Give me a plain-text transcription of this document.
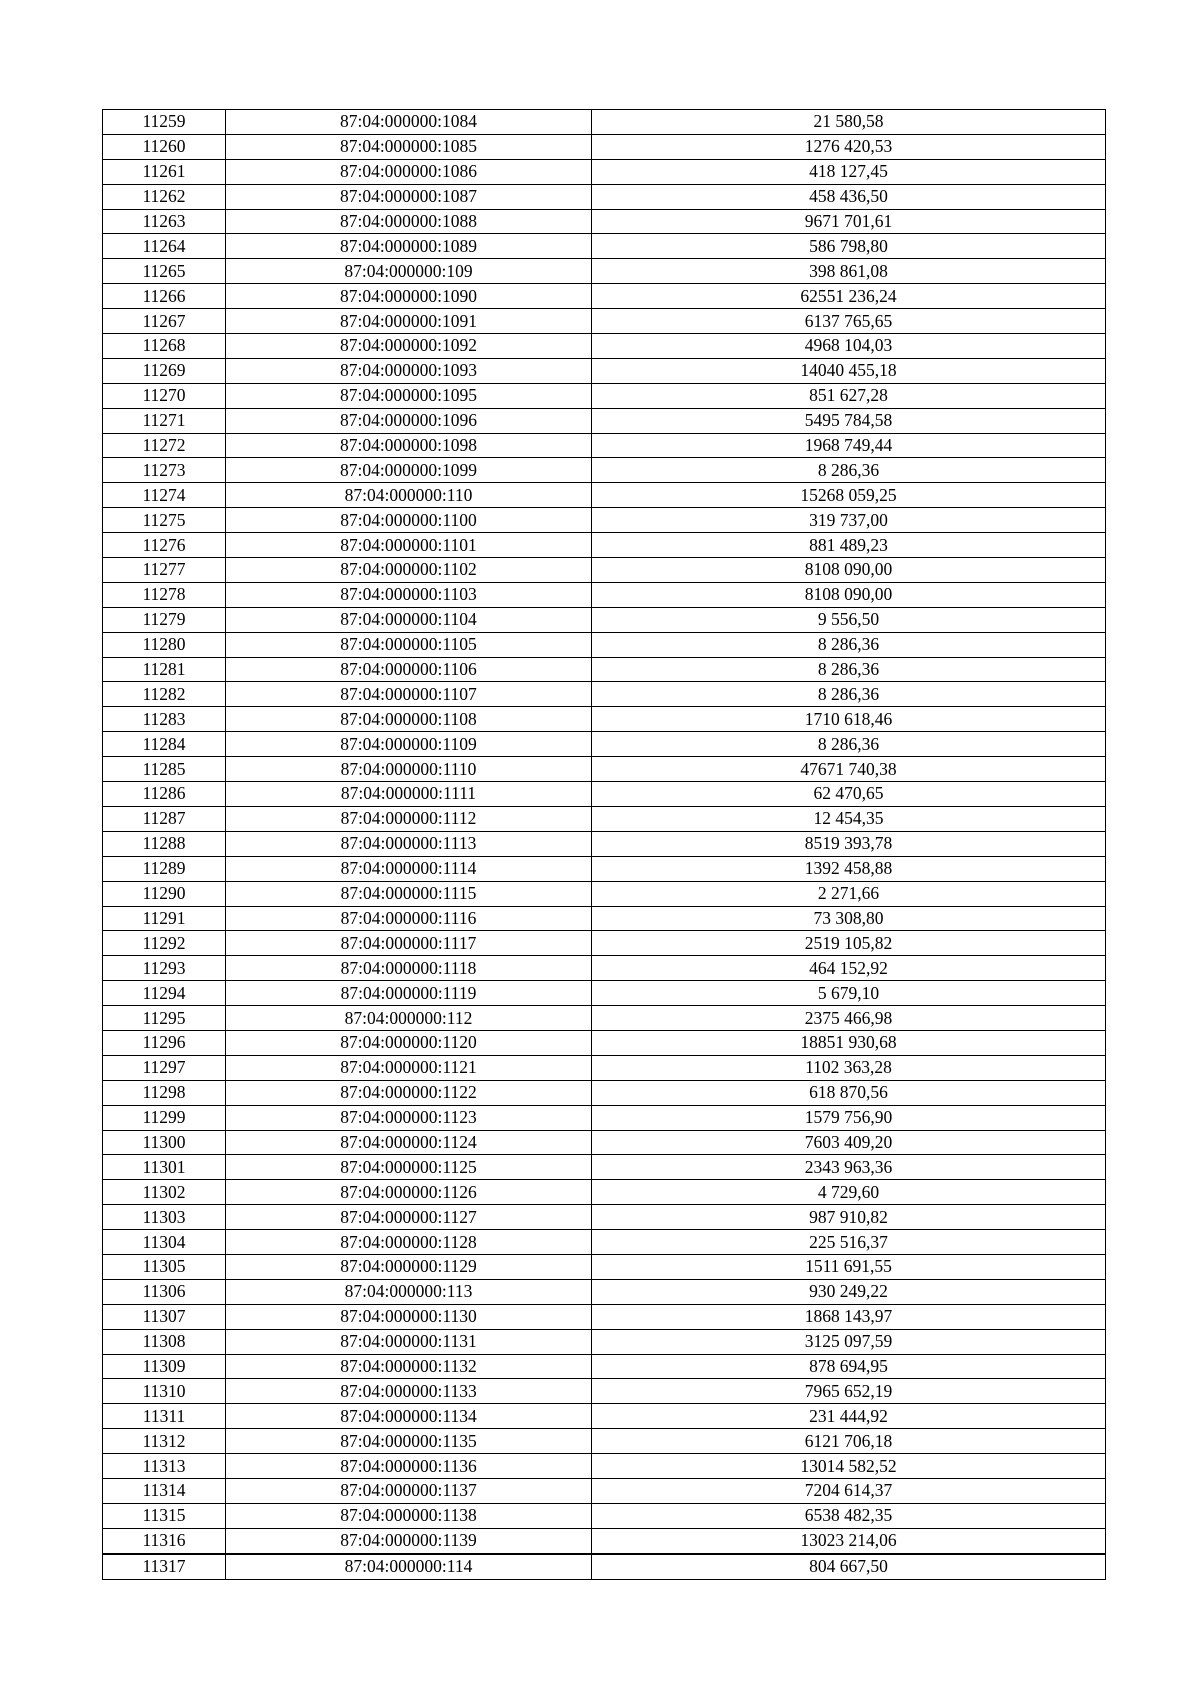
11259	87:04:000000:1084	21 580,58
11260	87:04:000000:1085	1276 420,53
11261	87:04:000000:1086	418 127,45
11262	87:04:000000:1087	458 436,50
11263	87:04:000000:1088	9671 701,61
11264	87:04:000000:1089	586 798,80
11265	87:04:000000:109	398 861,08
11266	87:04:000000:1090	62551 236,24
11267	87:04:000000:1091	6137 765,65
11268	87:04:000000:1092	4968 104,03
11269	87:04:000000:1093	14040 455,18
11270	87:04:000000:1095	851 627,28
11271	87:04:000000:1096	5495 784,58
11272	87:04:000000:1098	1968 749,44
11273	87:04:000000:1099	8 286,36
11274	87:04:000000:110	15268 059,25
11275	87:04:000000:1100	319 737,00
11276	87:04:000000:1101	881 489,23
11277	87:04:000000:1102	8108 090,00
11278	87:04:000000:1103	8108 090,00
11279	87:04:000000:1104	9 556,50
11280	87:04:000000:1105	8 286,36
11281	87:04:000000:1106	8 286,36
11282	87:04:000000:1107	8 286,36
11283	87:04:000000:1108	1710 618,46
11284	87:04:000000:1109	8 286,36
11285	87:04:000000:1110	47671 740,38
11286	87:04:000000:1111	62 470,65
11287	87:04:000000:1112	12 454,35
11288	87:04:000000:1113	8519 393,78
11289	87:04:000000:1114	1392 458,88
11290	87:04:000000:1115	2 271,66
11291	87:04:000000:1116	73 308,80
11292	87:04:000000:1117	2519 105,82
11293	87:04:000000:1118	464 152,92
11294	87:04:000000:1119	5 679,10
11295	87:04:000000:112	2375 466,98
11296	87:04:000000:1120	18851 930,68
11297	87:04:000000:1121	1102 363,28
11298	87:04:000000:1122	618 870,56
11299	87:04:000000:1123	1579 756,90
11300	87:04:000000:1124	7603 409,20
11301	87:04:000000:1125	2343 963,36
11302	87:04:000000:1126	4 729,60
11303	87:04:000000:1127	987 910,82
11304	87:04:000000:1128	225 516,37
11305	87:04:000000:1129	1511 691,55
11306	87:04:000000:113	930 249,22
11307	87:04:000000:1130	1868 143,97
11308	87:04:000000:1131	3125 097,59
11309	87:04:000000:1132	878 694,95
11310	87:04:000000:1133	7965 652,19
11311	87:04:000000:1134	231 444,92
11312	87:04:000000:1135	6121 706,18
11313	87:04:000000:1136	13014 582,52
11314	87:04:000000:1137	7204 614,37
11315	87:04:000000:1138	6538 482,35
11316	87:04:000000:1139	13023 214,06
11317	87:04:000000:114	804 667,50
